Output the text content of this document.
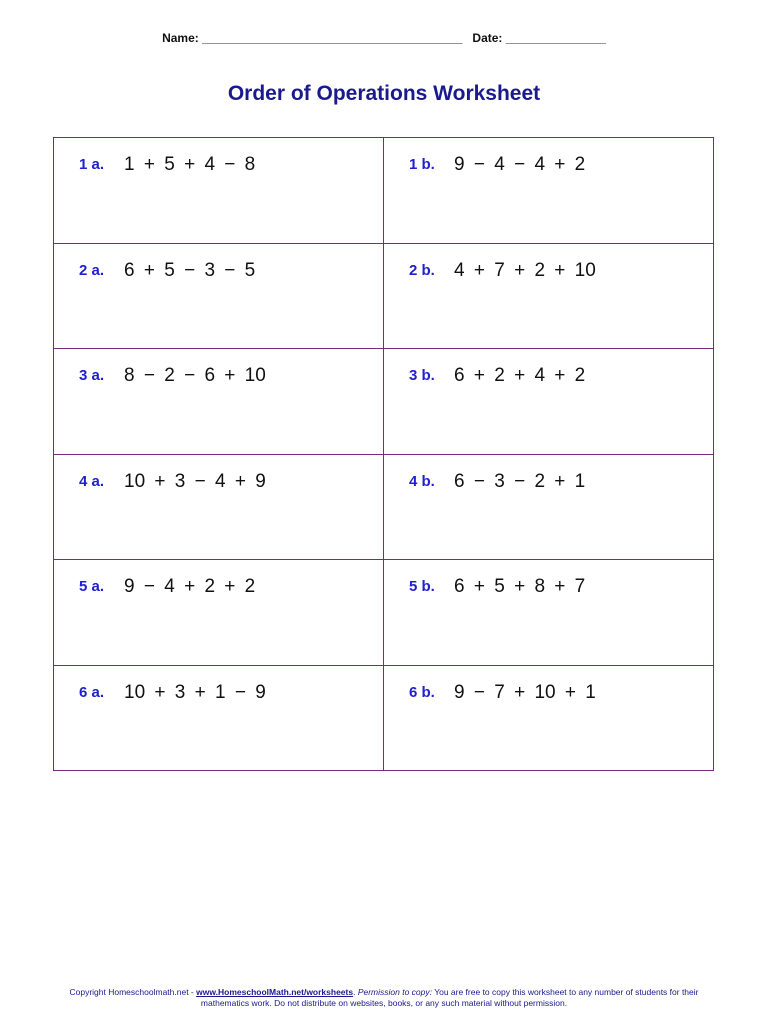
Name: _______________________________________ Date: _______________
Order of Operations Worksheet
1 a. 1 + 5 + 4 − 8	1 b. 9 − 4 − 4 + 2
2 a. 6 + 5 − 3 − 5	2 b. 4 + 7 + 2 + 10
3 a. 8 − 2 − 6 + 10	3 b. 6 + 2 + 4 + 2
4 a. 10 + 3 − 4 + 9	4 b. 6 − 3 − 2 + 1
5 a. 9 − 4 + 2 + 2	5 b. 6 + 5 + 8 + 7
6 a. 10 + 3 + 1 − 9	6 b. 9 − 7 + 10 + 1
Copyright Homeschoolmath.net - www.HomeschoolMath.net/worksheets. Permission to copy: You are free to copy this worksheet to any number of students for their mathematics work. Do not distribute on websites, books, or any such material without permission.
